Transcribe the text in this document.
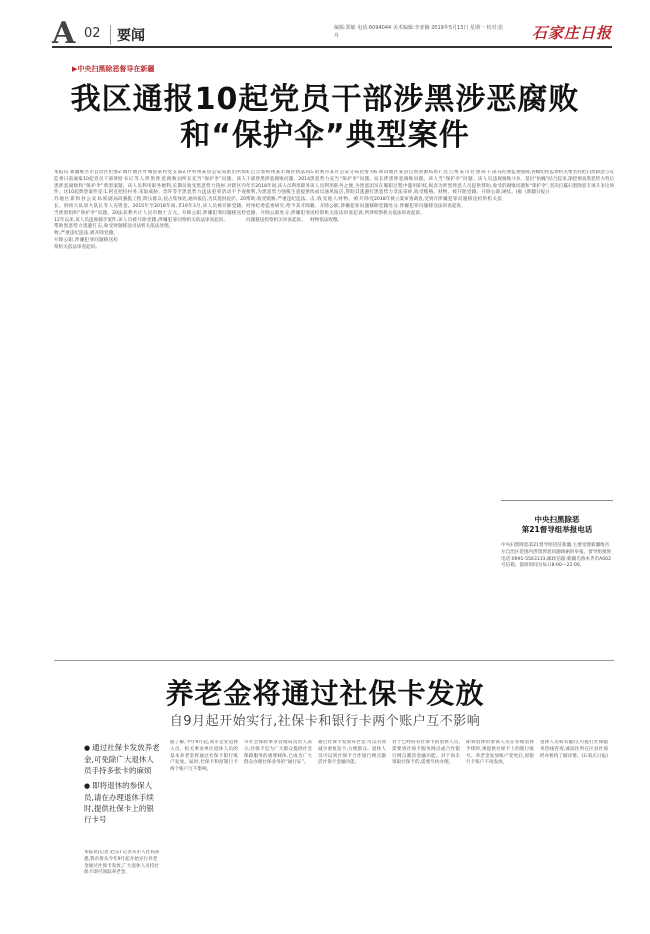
A 02	要闻	编辑:郑敏 电话:6094044 美术编辑:李亚楠 2019年5月13日 星期一 校对:张丹	石家庄日报
▶中央扫黑除恶督导在新疆
我区通报10起党员干部涉黑涉恶腐败
和“保护伞”典型案件

本报讯 新疆维吾尔自治区纪委监委日前通报10起党员干部涉黑涉恶腐败和“保护伞”典型案件。这10起典型案件是:1.阿克苏地区新和县公安局原副局长、刑侦大队原大队长等人充当涉黑组织“保护伞”问题。2012年以来,该人员违规插手案件,帮助黑恶势力逃避打击,收受财物,严重违纪违法,被开除党籍、开除公职,涉嫌犯罪问题移送检察机关依法审查起诉。

2.喀什地区叶城县某村党支部原书记等人涉黑涉恶腐败问题。该人员利用职务便利,长期把持村务,采取威胁、恐吓等手段强揽工程,欺压群众,侵占集体资金。2015年至2018年间,非法获利共计人民币数十万元。该人员被开除党籍,涉嫌犯罪问题移送司法机关依法处理。

3.伊犁州某县公安局派出所原所长充当“保护伞”问题。该人员收受黑恶势力钱财,对辖区内黑恶势力违法犯罪活动不予查处,通风报信,为其提供庇护。2019年3月,该人员被开除党籍、开除公职,涉嫌犯罪问题移送检察机关依法审查起诉。

4.巴音郭楞州某市城管执法局干部涉黑涉恶腐败问题。2014年至2018年间,该人员利用职务便利,为黑恶势力强揽生意提供帮助,收受贿赂,严重违纪违法。经州纪委监委研究,给予其开除党籍、开除公职处分,涉嫌犯罪问题移送检察机关审查起诉。

5.哈密市某区公安分局民警为黑恶势力充当“保护伞”问题。该人员利用职务之便,为黑恶团伙成员通风报信,帮助其逃避打击,收受他人财物。被开除党籍、开除公职,涉嫌犯罪问题移送检察机关依法审查起诉,所涉财物依法收缴。

6.和田地区某县自然资源局原局长涉黑涉恶腐败问题。该人员在履职过程中滥用职权,纵容黑恶势力非法采砂,收受贿赂。2018年被立案审查调查,受到开除党籍处分,涉嫌犯罪问题移送检察机关依法审查起诉。

7.昌吉州某市住建局干部充当“保护伞”问题。该人员违规为涉黑涉恶人员提供帮助,收受财物。被开除党籍、开除公职,涉嫌犯罪问题移送检察机关依法审查起诉。

纪委监委强调,各级纪检监察机关要坚持把扫黑除恶与反腐败斗争、基层“拍蝇”结合起来,深挖彻查黑恶势力背后的腐败问题和“保护伞”,坚决打赢扫黑除恶专项斗争这场硬仗。(据《新疆日报》)

中央扫黑除恶
第21督导组举报电话
中央扫黑除恶第21督导组进驻新疆,主要受理新疆维吾尔自治区范围内涉黑涉恶问题线索的举报。督导组值班电话:0991-5563133,邮政信箱:新疆乌鲁木齐市A002号信箱。值班时间为每日8:00—22:00。
养老金将通过社保卡发放
自9月起开始实行,社保卡和银行卡两个账户互不影响
● 通过社保卡发放养老金,可免除广大退休人员手持多张卡的麻烦
● 即将退休的参保人员,请在办理退休手续时,提供社保卡上的银行卡号

本报讯(记者 赵东) 记者从市人社局获悉,我市将从今年9月起开始实行养老金通过社保卡发放,广大退休人员持社保卡即可领取养老金。

据了解,今年9月起,我市企业退休人员、机关事业单位退休人员的基本养老金将通过社保卡银行账户发放。届时,社保卡和原银行卡两个账户互不影响。

市社会保险事业管理局负责人表示,社保卡是为广大群众提供社会保障服务的重要载体,已成为广大群众办理社保业务的“通行证”。

通过社保卡发放养老金,可以有效减少重复发卡,方便群众。退休人员可以到社保卡合作银行网点激活社保卡金融功能。

对于已经持有社保卡的退休人员,需要到社保卡服务网点或合作银行网点激活金融功能。对于尚未领取社保卡的,需要尽快办理。

即将退休的参保人员在办理退休手续时,须提供社保卡上的银行账号。养老金发放账户变更后,原银行卡账户不再发放。

退休人员如有疑问,可拨打社保服务热线咨询,或前往所在区县社保经办机构了解详情。(石家庄日报)
